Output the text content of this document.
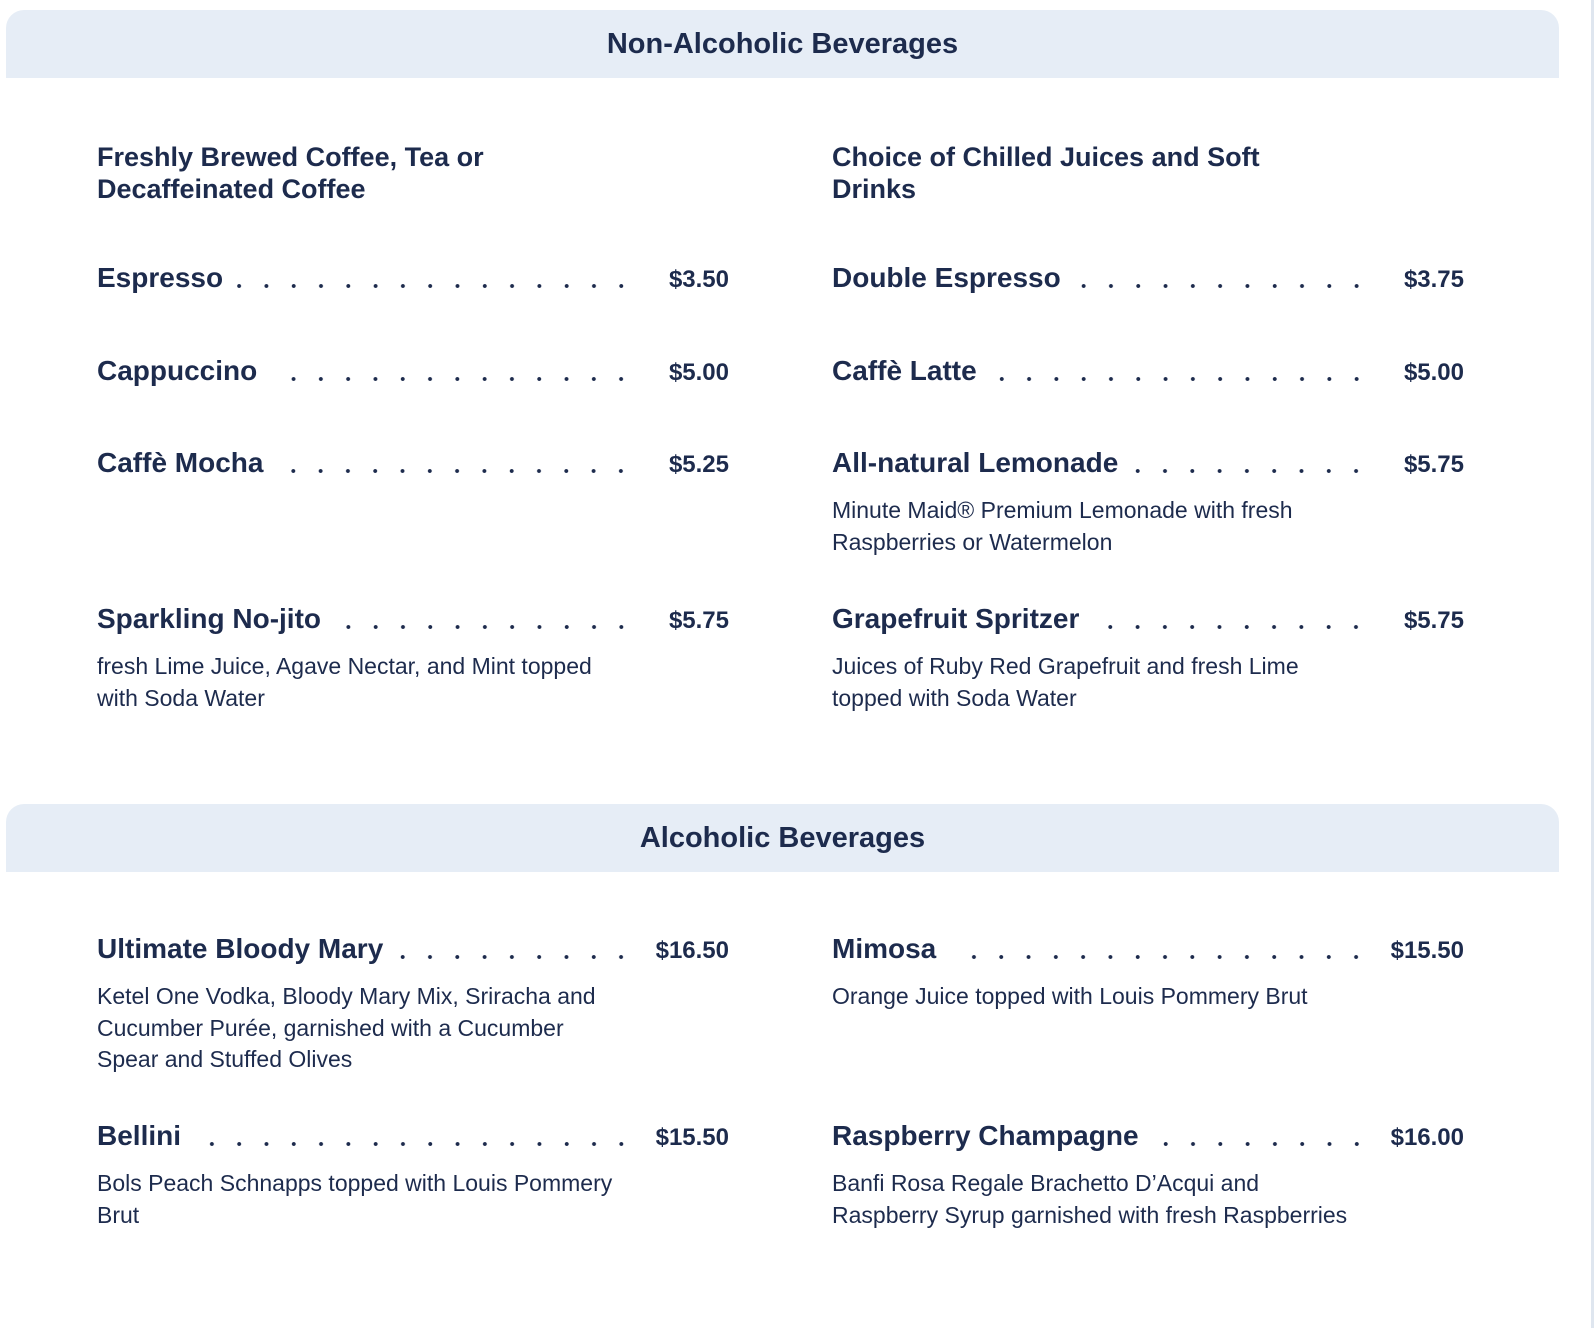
Non-Alcoholic Beverages
Freshly Brewed Coffee, Tea or Decaffeinated Coffee
Choice of Chilled Juices and Soft Drinks
Espresso	$3.50
Cappuccino	$5.00
Caffè Mocha	$5.25
Sparkling No-jito	$5.75
fresh Lime Juice, Agave Nectar, and Mint topped with Soda Water
Double Espresso	$3.75
Caffè Latte	$5.00
All-natural Lemonade	$5.75
Minute Maid® Premium Lemonade with fresh Raspberries or Watermelon
Grapefruit Spritzer	$5.75
Juices of Ruby Red Grapefruit and fresh Lime topped with Soda Water
Alcoholic Beverages
Ultimate Bloody Mary	$16.50
Ketel One Vodka, Bloody Mary Mix, Sriracha and Cucumber Purée, garnished with a Cucumber Spear and Stuffed Olives
Bellini	$15.50
Bols Peach Schnapps topped with Louis Pommery Brut
Mimosa	$15.50
Orange Juice topped with Louis Pommery Brut
Raspberry Champagne	$16.00
Banfi Rosa Regale Brachetto D’Acqui and Raspberry Syrup garnished with fresh Raspberries
